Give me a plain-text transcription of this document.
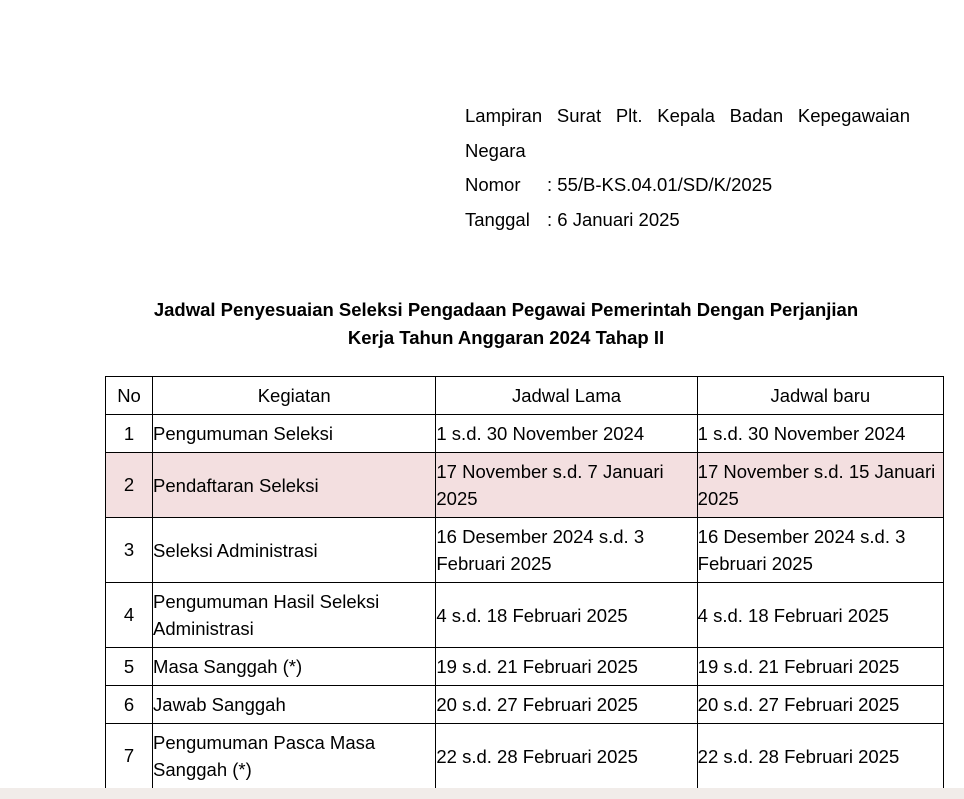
Lampiran Surat Plt. Kepala Badan Kepegawaian
Negara
Nomor	: 55/B-KS.04.01/SD/K/2025
Tanggal : 6 Januari 2025
Jadwal Penyesuaian Seleksi Pengadaan Pegawai Pemerintah Dengan Perjanjian
Kerja Tahun Anggaran 2024 Tahap II
No	Kegiatan	Jadwal Lama	Jadwal baru
1	Pengumuman Seleksi	1 s.d. 30 November 2024	1 s.d. 30 November 2024
2	Pendaftaran Seleksi	17 November s.d. 7 Januari 2025	17 November s.d. 15 Januari 2025
3	Seleksi Administrasi	16 Desember 2024 s.d. 3 Februari 2025	16 Desember 2024 s.d. 3 Februari 2025
4	Pengumuman Hasil Seleksi Administrasi	4 s.d. 18 Februari 2025	4 s.d. 18 Februari 2025
5	Masa Sanggah (*)	19 s.d. 21 Februari 2025	19 s.d. 21 Februari 2025
6	Jawab Sanggah	20 s.d. 27 Februari 2025	20 s.d. 27 Februari 2025
7	Pengumuman Pasca Masa Sanggah (*)	22 s.d. 28 Februari 2025	22 s.d. 28 Februari 2025
